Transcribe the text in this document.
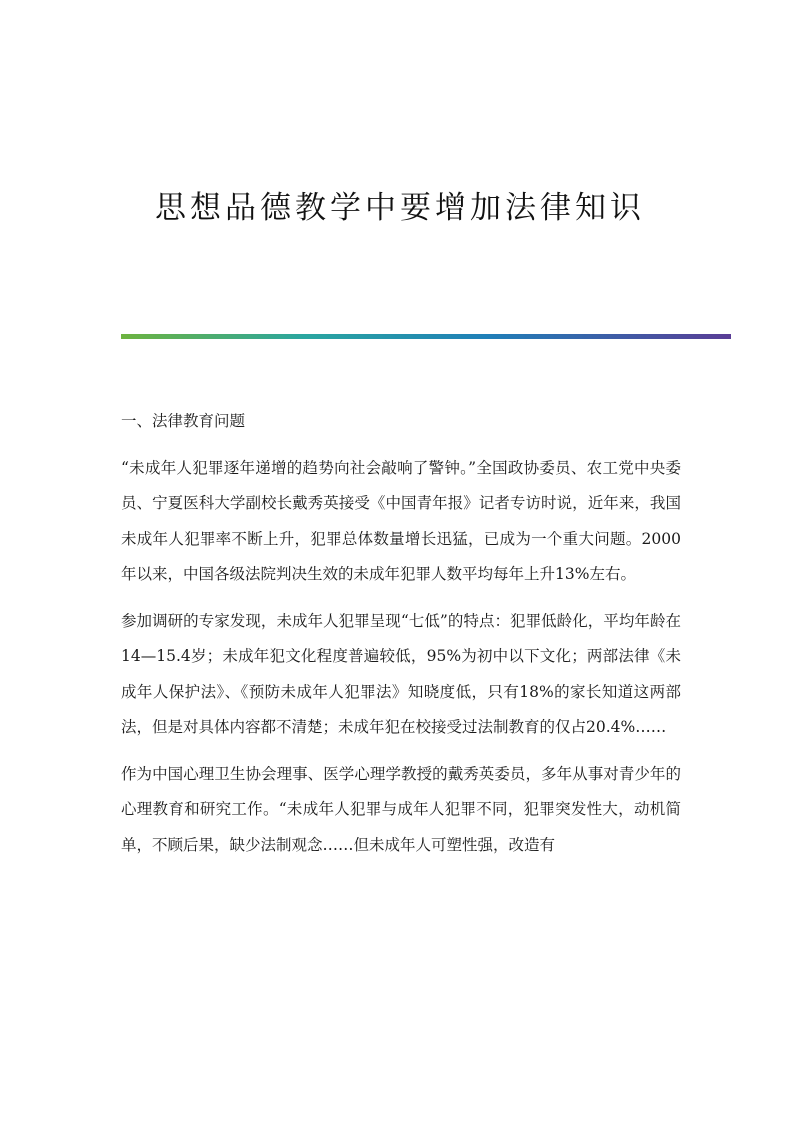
思想品德教学中要增加法律知识
一、法律教育问题

“未成年人犯罪逐年递增的趋势向社会敲响了警钟。”全国政协委员、农工党中央委员、宁夏医科大学副校长戴秀英接受《中国青年报》记者专访时说，近年来，我国未成年人犯罪率不断上升，犯罪总体数量增长迅猛，已成为一个重大问题。2000年以来，中国各级法院判决生效的未成年犯罪人数平均每年上升13%左右。

参加调研的专家发现，未成年人犯罪呈现“七低”的特点：犯罪低龄化，平均年龄在14—15.4岁；未成年犯文化程度普遍较低，95%为初中以下文化；两部法律《未成年人保护法》、《预防未成年人犯罪法》知晓度低，只有18%的家长知道这两部法，但是对具体内容都不清楚；未成年犯在校接受过法制教育的仅占20.4%……

作为中国心理卫生协会理事、医学心理学教授的戴秀英委员，多年从事对青少年的心理教育和研究工作。“未成年人犯罪与成年人犯罪不同，犯罪突发性大，动机简单，不顾后果，缺少法制观念……但未成年人可塑性强，改造有
